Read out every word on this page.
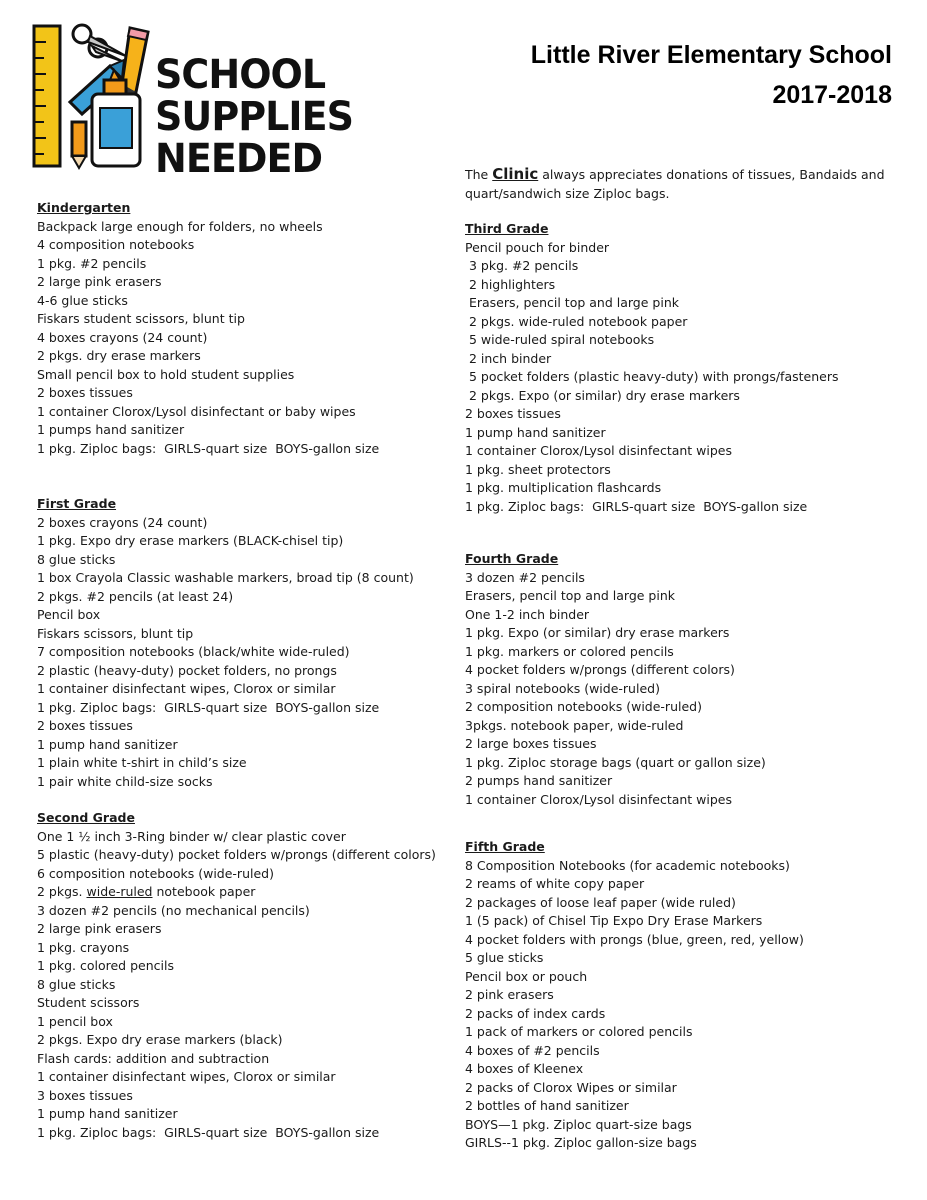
SCHOOL
SUPPLIES
NEEDED
Little River Elementary School
2017-2018
Kindergarten
Backpack large enough for folders, no wheels
4 composition notebooks
1 pkg. #2 pencils
2 large pink erasers
4-6 glue sticks
Fiskars student scissors, blunt tip
4 boxes crayons (24 count)
2 pkgs. dry erase markers
Small pencil box to hold student supplies
2 boxes tissues
1 container Clorox/Lysol disinfectant or baby wipes
1 pumps hand sanitizer
1 pkg. Ziploc bags:  GIRLS-quart size  BOYS-gallon size
First Grade
2 boxes crayons (24 count)
1 pkg. Expo dry erase markers (BLACK-chisel tip)
8 glue sticks
1 box Crayola Classic washable markers, broad tip (8 count)
2 pkgs. #2 pencils (at least 24)
Pencil box
Fiskars scissors, blunt tip
7 composition notebooks (black/white wide-ruled)
2 plastic (heavy-duty) pocket folders, no prongs
1 container disinfectant wipes, Clorox or similar
1 pkg. Ziploc bags:  GIRLS-quart size  BOYS-gallon size
2 boxes tissues
1 pump hand sanitizer
1 plain white t-shirt in child’s size
1 pair white child-size socks
Second Grade
One 1 ½ inch 3-Ring binder w/ clear plastic cover
5 plastic (heavy-duty) pocket folders w/prongs (different colors)
6 composition notebooks (wide-ruled)
2 pkgs. wide-ruled notebook paper
3 dozen #2 pencils (no mechanical pencils)
2 large pink erasers
1 pkg. crayons
1 pkg. colored pencils
8 glue sticks
Student scissors
1 pencil box
2 pkgs. Expo dry erase markers (black)
Flash cards: addition and subtraction
1 container disinfectant wipes, Clorox or similar
3 boxes tissues
1 pump hand sanitizer
1 pkg. Ziploc bags:  GIRLS-quart size  BOYS-gallon size
The Clinic always appreciates donations of tissues, Bandaids and quart/sandwich size Ziploc bags.
Third Grade
Pencil pouch for binder
3 pkg. #2 pencils
2 highlighters
Erasers, pencil top and large pink
2 pkgs. wide-ruled notebook paper
5 wide-ruled spiral notebooks
2 inch binder
5 pocket folders (plastic heavy-duty) with prongs/fasteners
2 pkgs. Expo (or similar) dry erase markers
2 boxes tissues
1 pump hand sanitizer
1 container Clorox/Lysol disinfectant wipes
1 pkg. sheet protectors
1 pkg. multiplication flashcards
1 pkg. Ziploc bags:  GIRLS-quart size  BOYS-gallon size
Fourth Grade
3 dozen #2 pencils
Erasers, pencil top and large pink
One 1-2 inch binder
1 pkg. Expo (or similar) dry erase markers
1 pkg. markers or colored pencils
4 pocket folders w/prongs (different colors)
3 spiral notebooks (wide-ruled)
2 composition notebooks (wide-ruled)
3pkgs. notebook paper, wide-ruled
2 large boxes tissues
1 pkg. Ziploc storage bags (quart or gallon size)
2 pumps hand sanitizer
1 container Clorox/Lysol disinfectant wipes
Fifth Grade
8 Composition Notebooks (for academic notebooks)
2 reams of white copy paper
2 packages of loose leaf paper (wide ruled)
1 (5 pack) of Chisel Tip Expo Dry Erase Markers
4 pocket folders with prongs (blue, green, red, yellow)
5 glue sticks
Pencil box or pouch
2 pink erasers
2 packs of index cards
1 pack of markers or colored pencils
4 boxes of #2 pencils
4 boxes of Kleenex
2 packs of Clorox Wipes or similar
2 bottles of hand sanitizer
BOYS—1 pkg. Ziploc quart-size bags
GIRLS--1 pkg. Ziploc gallon-size bags
